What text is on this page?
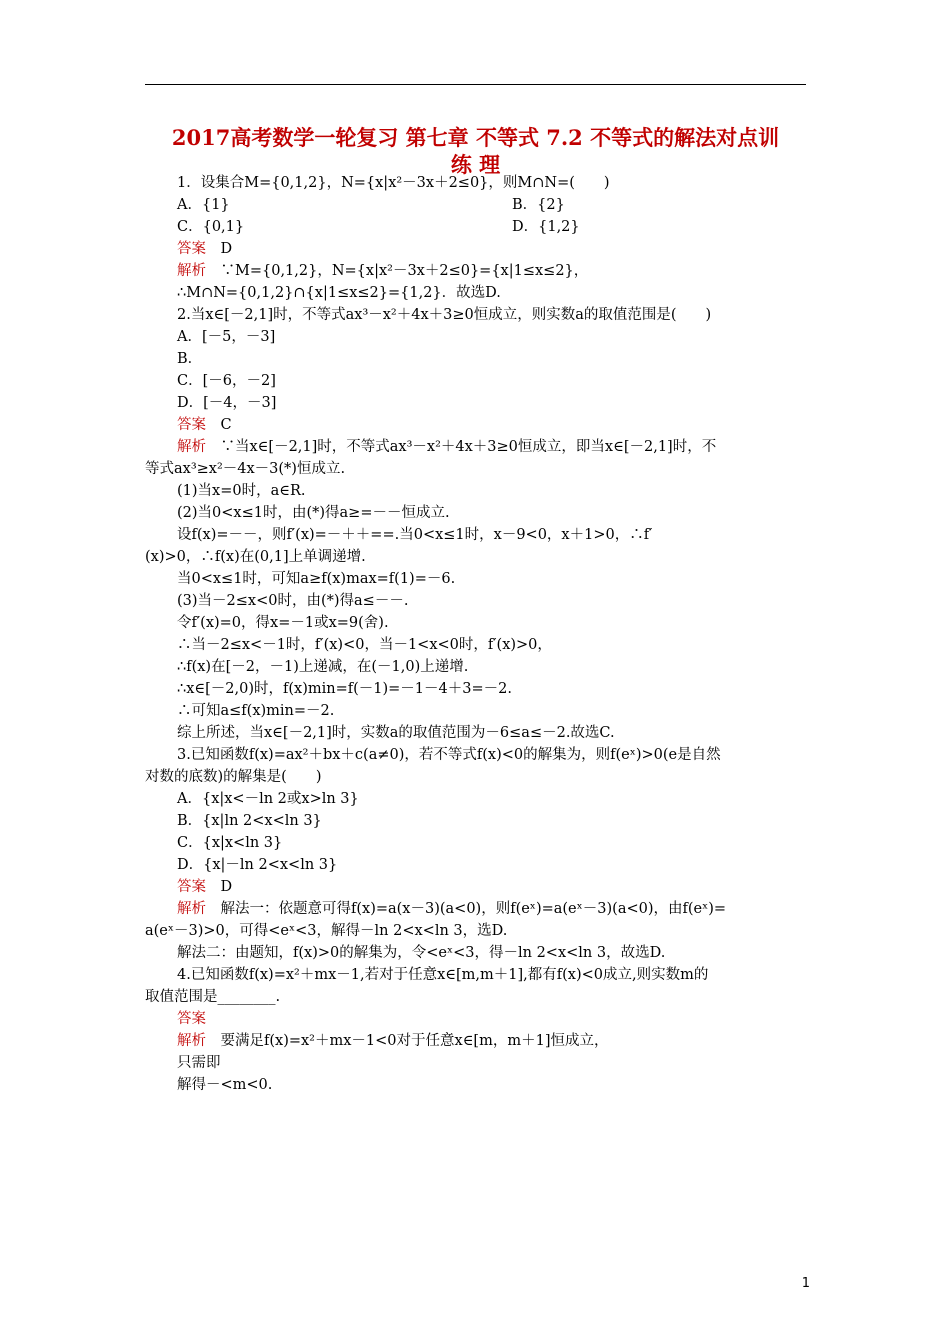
2017高考数学一轮复习 第七章 不等式 7.2 不等式的解法对点训
练 理
1．设集合M={0,1,2}，N={x|x²－3x＋2≤0}，则M∩N=(　　)
A．{1}	B．{2}
C．{0,1}	D．{1,2}
答案　 D
解析　 ∵M={0,1,2}，N={x|x²－3x＋2≤0}={x|1≤x≤2}，
∴M∩N={0,1,2}∩{x|1≤x≤2}={1,2}．故选D.
2.当x∈[－2,1]时，不等式ax³－x²＋4x＋3≥0恒成立，则实数a的取值范围是(　　)
A．[－5，－3]
B．
C．[－6，－2]
D．[－4，－3]
答案　 C
解析　 ∵当x∈[－2,1]时，不等式ax³－x²＋4x＋3≥0恒成立，即当x∈[－2,1]时，不
等式ax³≥x²－4x－3(*)恒成立.
(1)当x=0时，a∈R.
(2)当0<x≤1时，由(*)得a≥=－－恒成立.
设f(x)=－－，则f′(x)=－＋＋==.当0<x≤1时，x－9<0，x＋1>0，∴f′
(x)>0，∴f(x)在(0,1]上单调递增.
当0<x≤1时，可知a≥f(x)max=f(1)=－6.
(3)当－2≤x<0时，由(*)得a≤－－.
令f′(x)=0，得x=－1或x=9(舍).
∴当－2≤x<－1时，f′(x)<0，当－1<x<0时，f′(x)>0，
∴f(x)在[－2，－1)上递减，在(－1,0)上递增.
∴x∈[－2,0)时，f(x)min=f(－1)=－1－4＋3=－2.
∴可知a≤f(x)min=－2.
综上所述，当x∈[－2,1]时，实数a的取值范围为－6≤a≤－2.故选C.
3.已知函数f(x)=ax²＋bx＋c(a≠0)，若不等式f(x)<0的解集为，则f(eˣ)>0(e是自然
对数的底数)的解集是(　　)
A．{x|x<－ln 2或x>ln 3}
B．{x|ln 2<x<ln 3}
C．{x|x<ln 3}
D．{x|－ln 2<x<ln 3}
答案　 D
解析　 解法一：依题意可得f(x)=a(x－3)(a<0)，则f(eˣ)=a(eˣ－3)(a<0)，由f(eˣ)=
a(eˣ－3)>0，可得<eˣ<3，解得－ln 2<x<ln 3，选D.
解法二：由题知，f(x)>0的解集为，令<eˣ<3，得－ln 2<x<ln 3，故选D.
4.已知函数f(x)=x²＋mx－1,若对于任意x∈[m,m＋1],都有f(x)<0成立,则实数m的
取值范围是________.
答案
解析　 要满足f(x)=x²＋mx－1<0对于任意x∈[m，m＋1]恒成立，
只需即
解得－<m<0.
1
